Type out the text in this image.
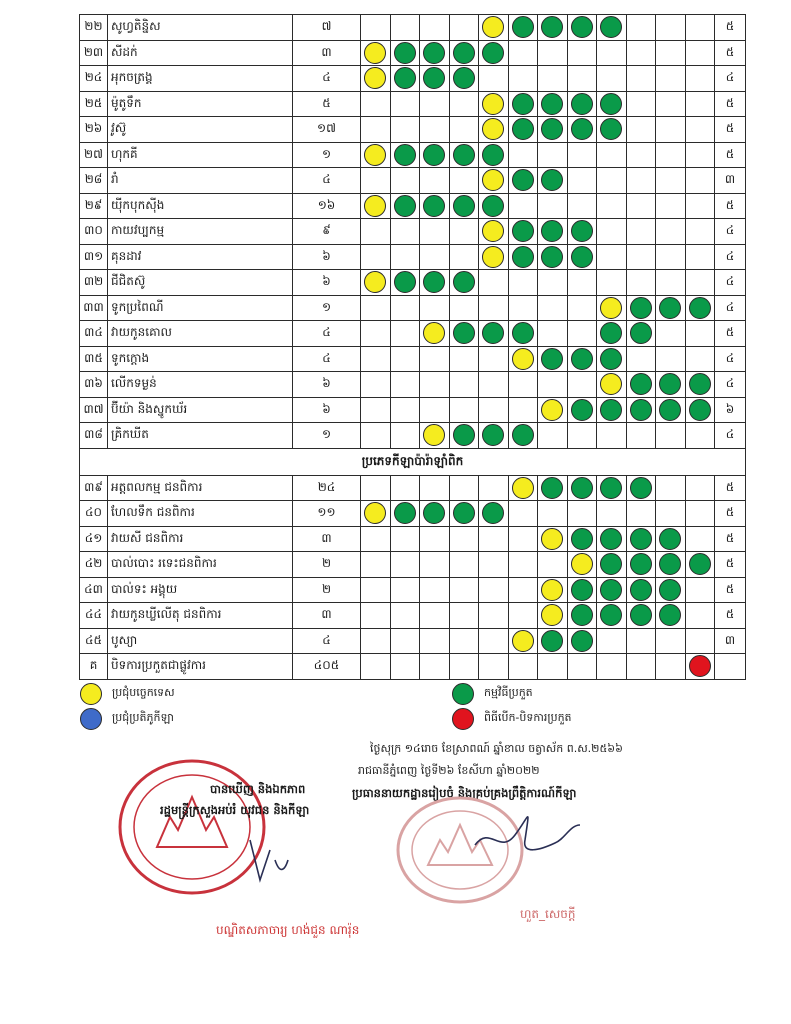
២២	សូហ្វតិន្និស	៧													៥
២៣	សីដក់	៣													៥
២៤	អុកចត្រង្គ	៤													៤
២៥	ម៉ូតូទឹក	៥													៥
២៦	វូស៊ូ	១៧													៥
២៧	ហុកគី	១													៥
២៨	រាំ	៤													៣
២៩	យ៉ីកបុកស៊ីង	១៦													៥
៣០	កាយវប្បកម្ម	៩													៤
៣១	គុនដាវ	៦													៤
៣២	ជីជិតស៊ូ	៦													៤
៣៣	ទូកប្រពៃណី	១													៤
៣៤	វាយកូនគោល	៤													៥
៣៥	ទូកក្ដោង	៤													៤
៣៦	លើកទម្ងន់	៦													៤
៣៧	ប៊ីយ៉ា និងស្នូកឃ័រ	៦													៦
៣៨	គ្រិកឃីត	១													៤
ប្រភេទកីឡាប៉ារ៉ាឡាំពិក															
៣៩	អត្តពលកម្ម ជនពិការ	២៤													៥
៤០	ហែលទឹក ជនពិការ	១១													៥
៤១	វាយសី ជនពិការ	៣													៥
៤២	បាល់បោះ រទេះជនពិការ	២													៥
៤៣	បាល់ទះ អង្គុយ	២													៥
៤៤	វាយកូនឃ្លីលើតុ ជនពិការ	៣													៥
៤៥	បូស្យា	៤													៣
គ	បិទការប្រកួតជាផ្លូវការ	៤០៥													
ប្រជុំបច្ចេកទេស	កម្មវិធីប្រកួត
ប្រជុំប្រតិភូកីឡា	ពិធីបើក-បិទការប្រកួត
ថ្ងៃសុក្រ ១៤រោច ខែស្រាពណ៍ ឆ្នាំខាល ចត្វាស័ក ព.ស.២៥៦៦
រាជធានីភ្នំពេញ ថ្ងៃទី២៦ ខែសីហា ឆ្នាំ២០២២
ប្រធាននាយកដ្ឋានរៀបចំ និងគ្រប់គ្រងព្រឹត្តិការណ៍កីឡា
ហួត_សេចក្តី
បានឃើញ និងឯកភាព
រដ្ឋមន្ត្រីក្រសួងអប់រំ យុវជន និងកីឡា
បណ្ឌិតសភាចារ្យ ហង់ជួន ណារ៉ុន
